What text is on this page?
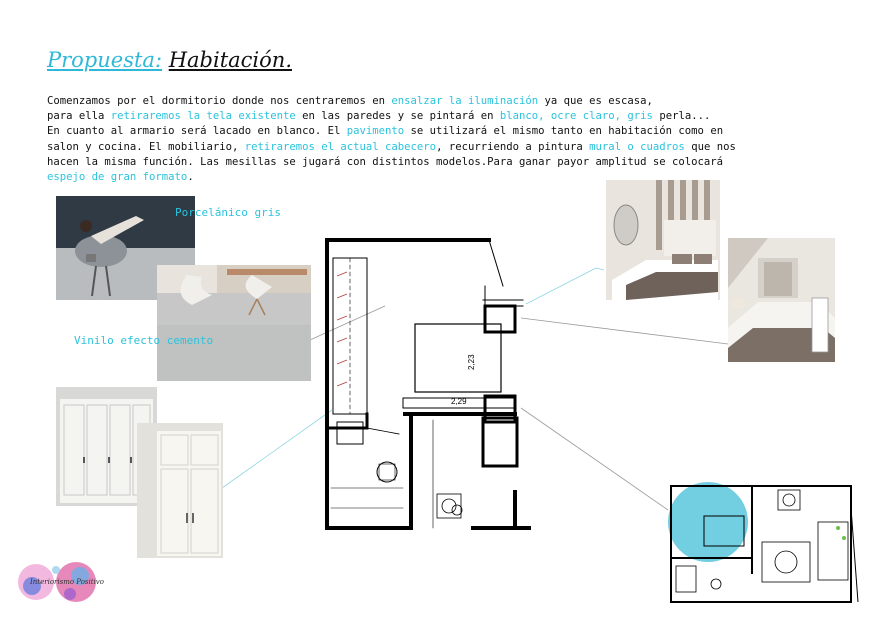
Propuesta: Habitación.
Comenzamos por el dormitorio donde nos centraremos en ensalzar la iluminación ya que es escasa,
para ella retiraremos la tela existente en las paredes y se pintará en blanco, ocre claro, gris perla...
En cuanto al armario será lacado en blanco. El pavimento se utilizará el mismo tanto en habitación como en
salon y cocina. El mobiliario, retiraremos el actual cabecero, recurriendo a pintura mural o cuadros que nos
hacen la misma función. Las mesillas se jugará con distintos modelos.Para ganar payor amplitud se colocará
espejo de gran formato.
Porcelánico gris
Vinilo efecto cemento
2,23
2,29
Interiorismo Positivo
